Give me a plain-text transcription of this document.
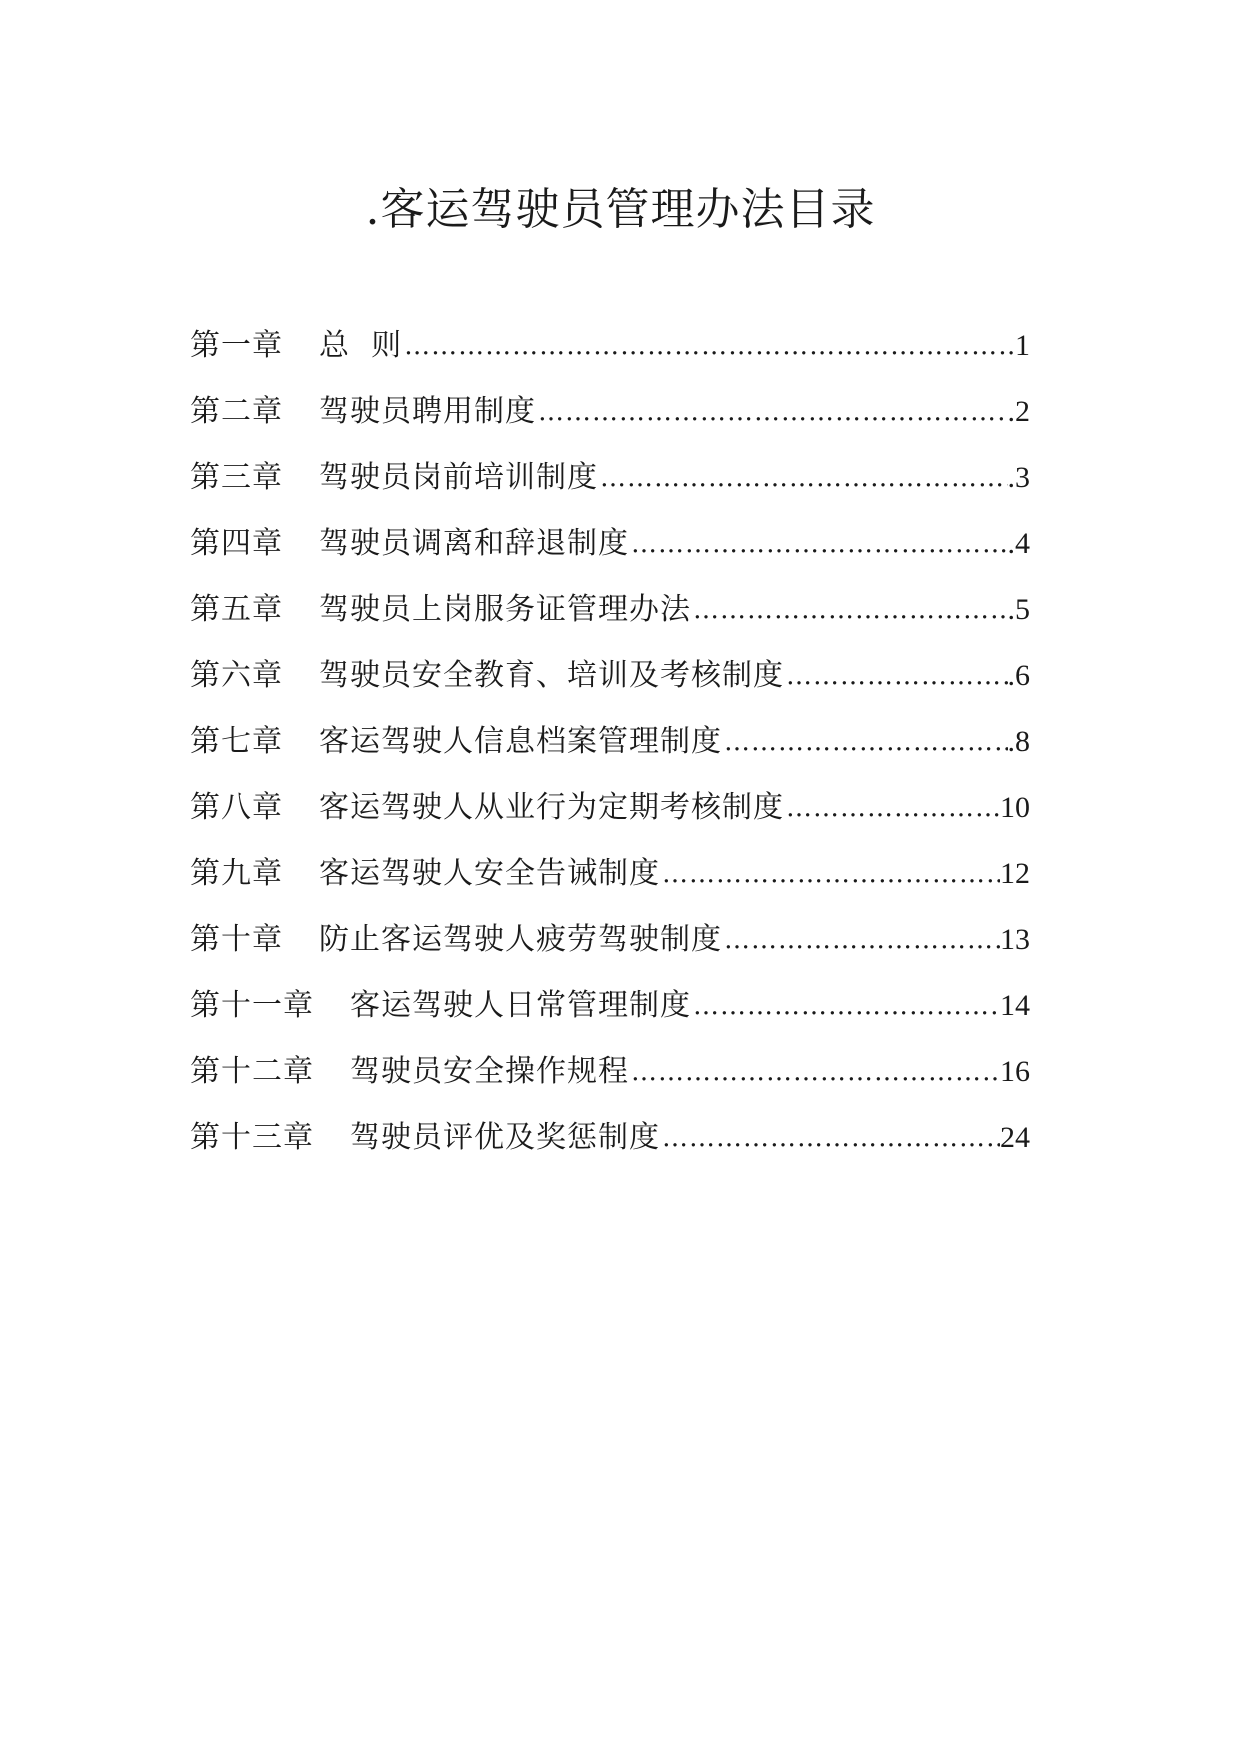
.客运驾驶员管理办法目录
第一章 总  则 ……………………………………………………………………………………………………………	1
第二章 驾驶员聘用制度 ……………………………………………………………………………………………………………	.2
第三章 驾驶员岗前培训制度 ……………………………………………………………………………………………………………	.3
第四章 驾驶员调离和辞退制度 ……………………………………………………………………………………………………………	.4
第五章 驾驶员上岗服务证管理办法 ……………………………………………………………………………………………………………	.5
第六章 驾驶员安全教育、培训及考核制度 ……………………………………………………………………………………………………………	.6
第七章 客运驾驶人信息档案管理制度 ……………………………………………………………………………………………………………	.8
第八章 客运驾驶人从业行为定期考核制度 ……………………………………………………………………………………………………………	10
第九章 客运驾驶人安全告诫制度 ……………………………………………………………………………………………………………	12
第十章 防止客运驾驶人疲劳驾驶制度 ……………………………………………………………………………………………………………	13
第十一章 客运驾驶人日常管理制度 ……………………………………………………………………………………………………………	14
第十二章 驾驶员安全操作规程 ……………………………………………………………………………………………………………	16
第十三章 驾驶员评优及奖惩制度 ……………………………………………………………………………………………………………	24
